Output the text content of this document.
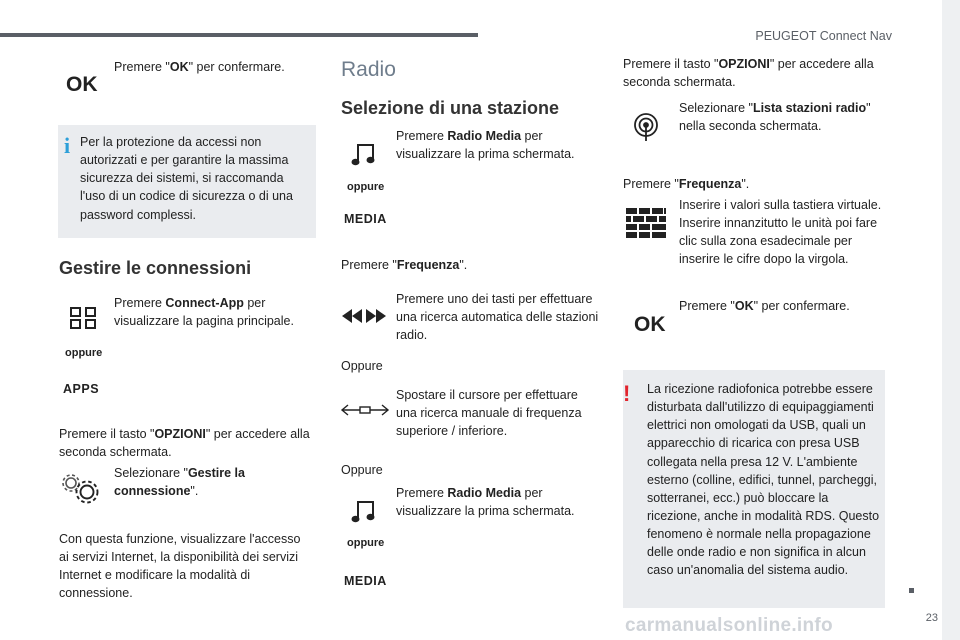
PEUGEOT Connect Nav
23
OK
Premere "OK" per confermare.
i Per la protezione da accessi non autorizzati e per garantire la massima sicurezza dei sistemi, si raccomanda l'uso di un codice di sicurezza o di una password complessi.
Gestire le connessioni
Premere Connect-App per visualizzare la pagina principale.
oppure
APPS
Premere il tasto "OPZIONI" per accedere alla seconda schermata.
Selezionare "Gestire la connessione".
Con questa funzione, visualizzare l'accesso ai servizi Internet, la disponibilità dei servizi Internet e modificare la modalità di connessione.
Radio
Selezione di una stazione
Premere Radio Media per visualizzare la prima schermata.
oppure
MEDIA
Premere "Frequenza".
Premere uno dei tasti per effettuare una ricerca automatica delle stazioni radio.
Oppure
Spostare il cursore per effettuare una ricerca manuale di frequenza superiore / inferiore.
Oppure
Premere Radio Media per visualizzare la prima schermata.
oppure
MEDIA
Premere il tasto "OPZIONI" per accedere alla seconda schermata.
Selezionare "Lista stazioni radio" nella seconda schermata.
Premere "Frequenza".
Inserire i valori sulla tastiera virtuale. Inserire innanzitutto le unità poi fare clic sulla zona esadecimale per inserire le cifre dopo la virgola.
OK
Premere "OK" per confermare.
! La ricezione radiofonica potrebbe essere disturbata dall'utilizzo di equipaggiamenti elettrici non omologati da USB, quali un apparecchio di ricarica con presa USB collegata nella presa 12 V. L'ambiente esterno (colline, edifici, tunnel, parcheggi, sotterranei, ecc.) può bloccare la ricezione, anche in modalità RDS. Questo fenomeno è normale nella propagazione delle onde radio e non significa in alcun caso un'anomalia del sistema audio.
carmanualsonline.info
